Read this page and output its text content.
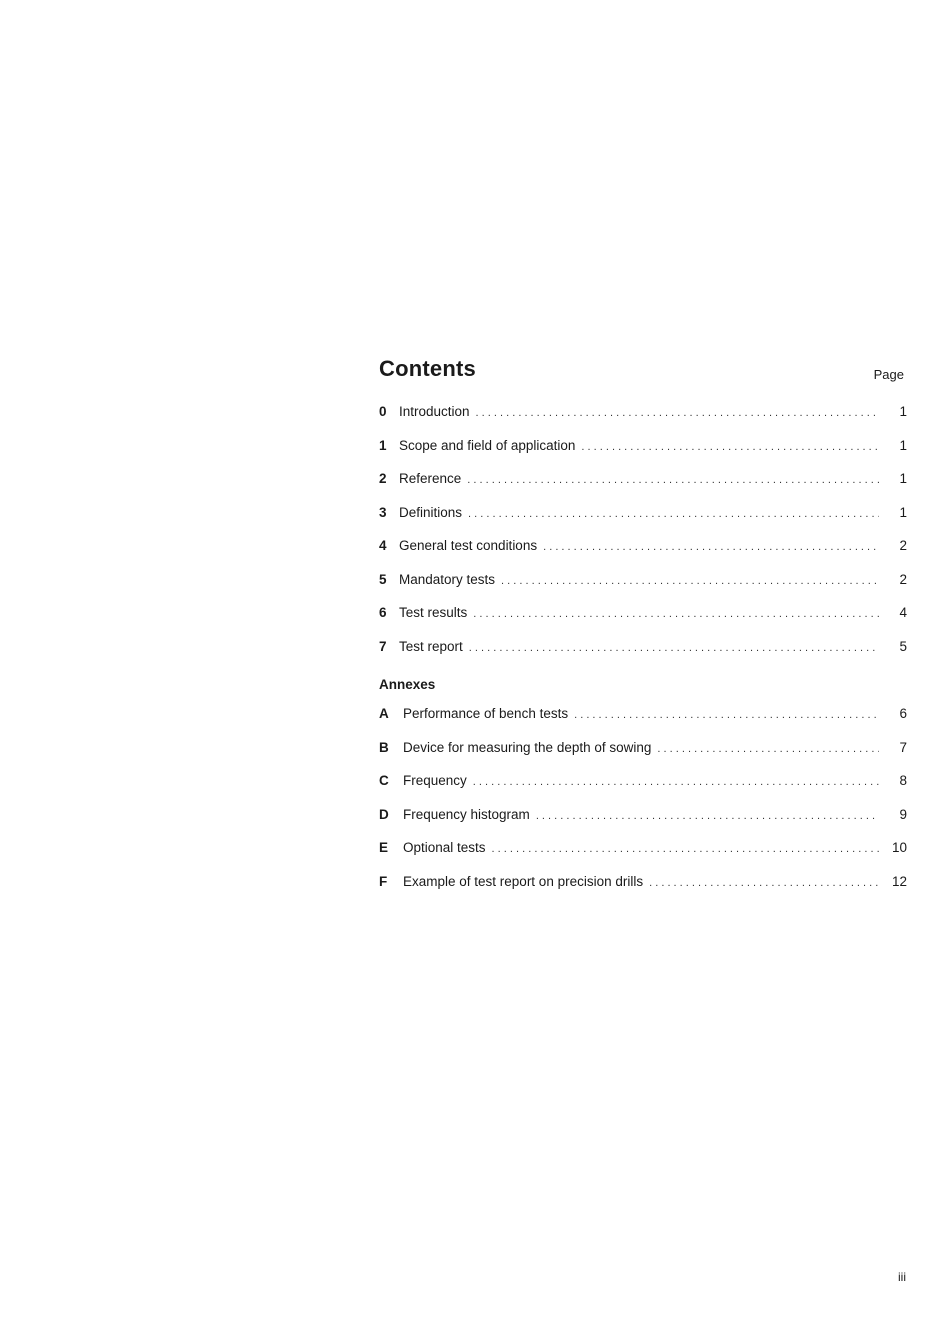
Contents	Page
0 Introduction . . .	1
1 Scope and field of application . . .	1
2 Reference . . .	1
3 Definitions . . .	1
4 General test conditions . . .	2
5 Mandatory tests . . .	2
6 Test results . . .	4
7 Test report . . .	5
Annexes
A	Performance of bench tests . . .	6
B	Device for measuring the depth of sowing . . .	7
C	Frequency . . .	8
D	Frequency histogram . . .	9
E	Optional tests . . .	10
F	Example of test report on precision drills . . .	12
iii
